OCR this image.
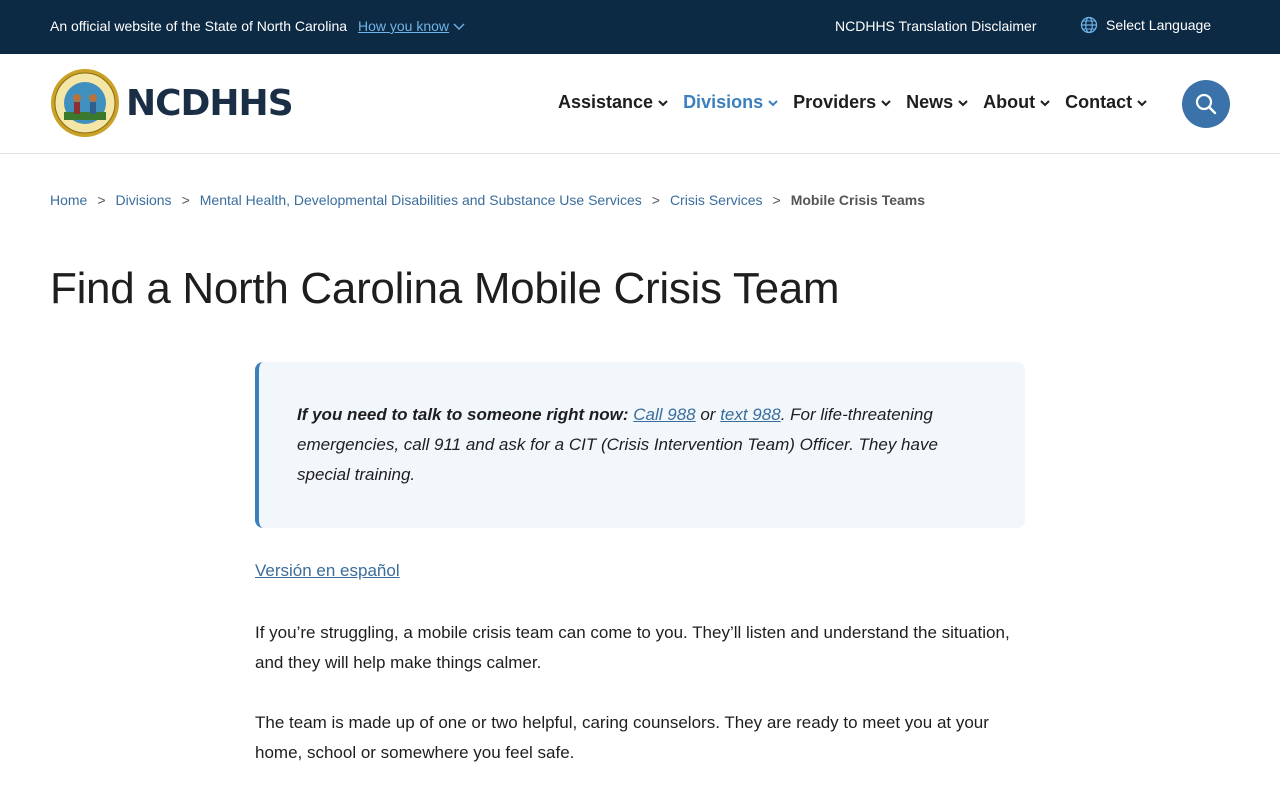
An official website of the State of North Carolina How you know	NCDHHS Translation Disclaimer	Select Language
NCDHHS	Assistance Divisions Providers News About Contact
Home > Divisions > Mental Health, Developmental Disabilities and Substance Use Services > Crisis Services > Mobile Crisis Teams
Find a North Carolina Mobile Crisis Team

If you need to talk to someone right now: Call 988 or text 988. For life-threatening emergencies, call 911 and ask for a CIT (Crisis Intervention Team) Officer. They have special training.

Versión en español

If you’re struggling, a mobile crisis team can come to you. They’ll listen and understand the situation, and they will help make things calmer.

The team is made up of one or two helpful, caring counselors. They are ready to meet you at your home, school or somewhere you feel safe.
